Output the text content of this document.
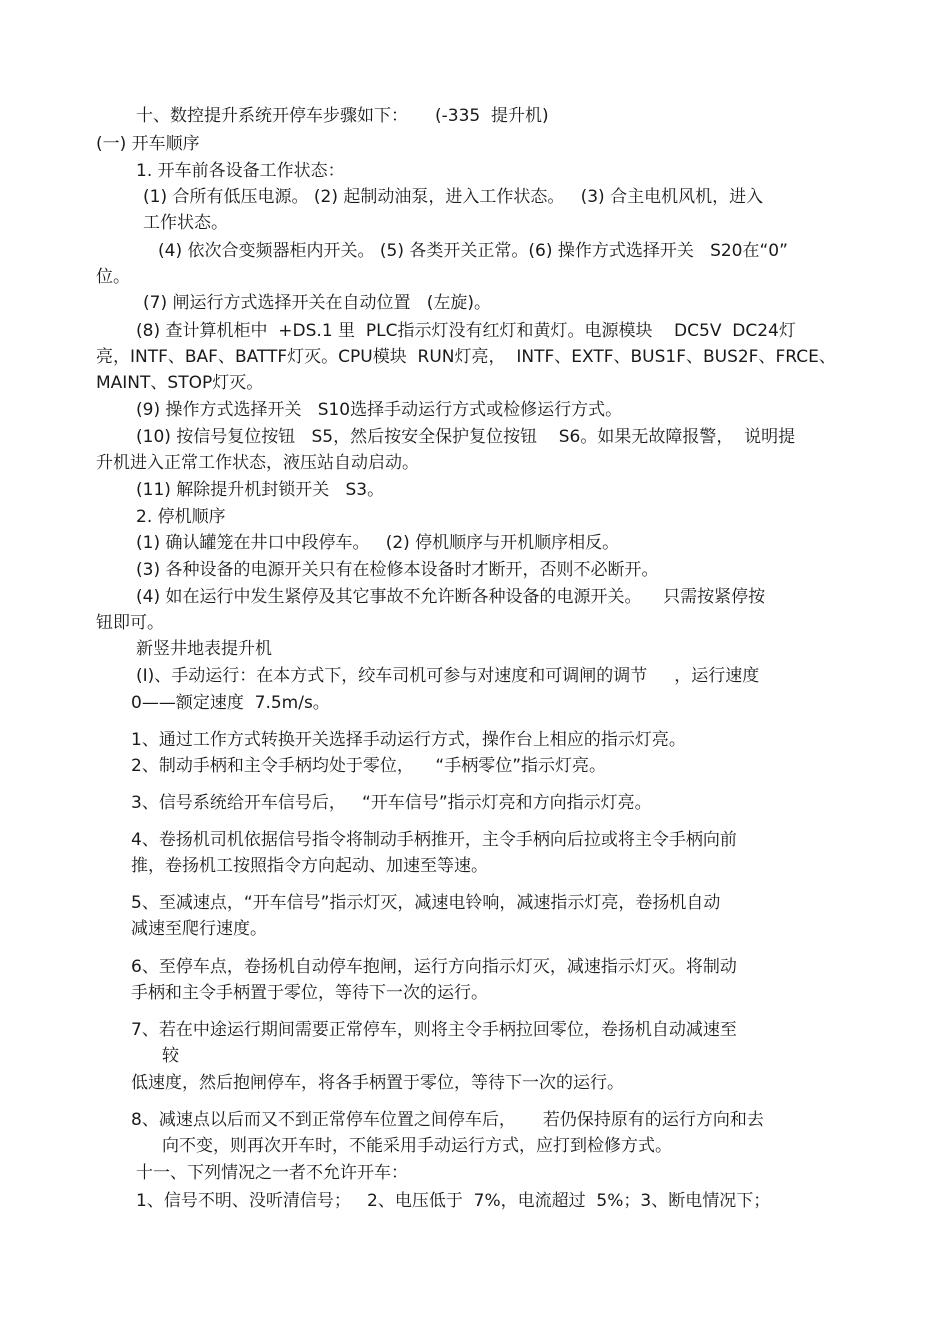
十、数控提升系统开停车步骤如下：     (-335  提升机)
(一) 开车顺序
1. 开车前各设备工作状态：
(1) 合所有低压电源。 (2) 起制动油泵，进入工作状态。   (3) 合主电机风机，进入
工作状态。
(4) 依次合变频器柜内开关。 (5) 各类开关正常。(6) 操作方式选择开关   S20在“0”
位。
(7) 闸运行方式选择开关在自动位置   (左旋)。
(8) 查计算机柜中  +DS.1 里  PLC指示灯没有红灯和黄灯。电源模块    DC5V  DC24灯
亮，INTF、BAF、BATTF灯灭。CPU模块  RUN灯亮，  INTF、EXTF、BUS1F、BUS2F、FRCE、
MAINT、STOP灯灭。
(9) 操作方式选择开关   S10选择手动运行方式或检修运行方式。
(10) 按信号复位按钮   S5，然后按安全保护复位按钮    S6。如果无故障报警，  说明提
升机进入正常工作状态，液压站自动启动。
(11) 解除提升机封锁开关   S3。
2. 停机顺序
(1) 确认罐笼在井口中段停车。   (2) 停机顺序与开机顺序相反。
(3) 各种设备的电源开关只有在检修本设备时才断开，否则不必断开。
(4) 如在运行中发生紧停及其它事故不允许断各种设备的电源开关。    只需按紧停按
钮即可。
新竖井地表提升机
(Ⅰ)、手动运行：在本方式下，绞车司机可参与对速度和可调闸的调节     ，运行速度
0——额定速度  7.5m/s。
1、通过工作方式转换开关选择手动运行方式，操作台上相应的指示灯亮。
2、制动手柄和主令手柄均处于零位，    “手柄零位”指示灯亮。
3、信号系统给开车信号后，   “开车信号”指示灯亮和方向指示灯亮。
4、卷扬机司机依据信号指令将制动手柄推开，主令手柄向后拉或将主令手柄向前
推，卷扬机工按照指令方向起动、加速至等速。
5、至减速点，“开车信号”指示灯灭，减速电铃响，减速指示灯亮，卷扬机自动
减速至爬行速度。
6、至停车点，卷扬机自动停车抱闸，运行方向指示灯灭，减速指示灯灭。将制动
手柄和主令手柄置于零位，等待下一次的运行。
7、若在中途运行期间需要正常停车，则将主令手柄拉回零位，卷扬机自动减速至
较
低速度，然后抱闸停车，将各手柄置于零位，等待下一次的运行。
8、减速点以后而又不到正常停车位置之间停车后，     若仍保持原有的运行方向和去
向不变，则再次开车时，不能采用手动运行方式，应打到检修方式。
十一、下列情况之一者不允许开车：
1、信号不明、没听清信号；   2、电压低于  7%，电流超过  5%；3、断电情况下；
